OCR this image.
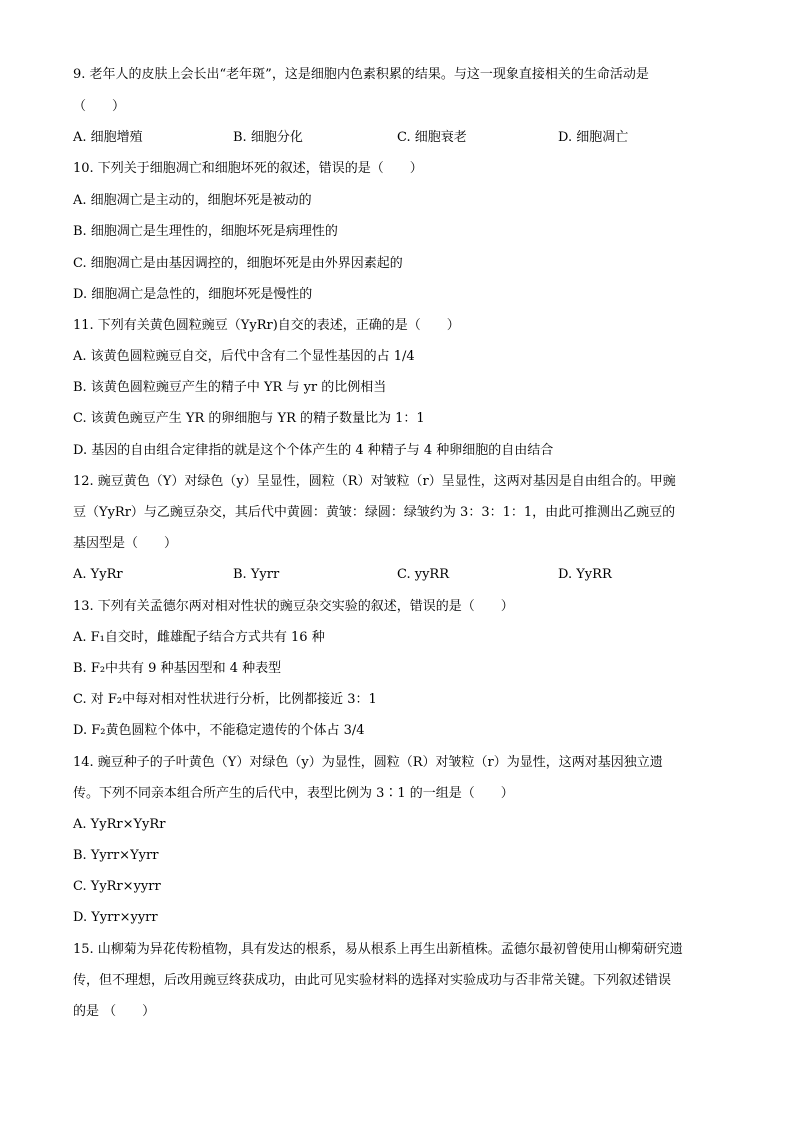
9. 老年人的皮肤上会长出“老年斑”，这是细胞内色素积累的结果。与这一现象直接相关的生命活动是
（　　）
A. 细胞增殖	B. 细胞分化	C. 细胞衰老	D. 细胞凋亡
10. 下列关于细胞凋亡和细胞坏死的叙述，错误的是（　　）
A. 细胞凋亡是主动的，细胞坏死是被动的
B. 细胞凋亡是生理性的，细胞坏死是病理性的
C. 细胞凋亡是由基因调控的，细胞坏死是由外界因素起的
D. 细胞凋亡是急性的，细胞坏死是慢性的
11. 下列有关黄色圆粒豌豆（YyRr)自交的表述，正确的是（　　）
A. 该黄色圆粒豌豆自交，后代中含有二个显性基因的占 1/4
B. 该黄色圆粒豌豆产生的精子中 YR 与 yr 的比例相当
C. 该黄色豌豆产生 YR 的卵细胞与 YR 的精子数量比为 1：1
D. 基因的自由组合定律指的就是这个个体产生的 4 种精子与 4 种卵细胞的自由结合
12. 豌豆黄色（Y）对绿色（y）呈显性，圆粒（R）对皱粒（r）呈显性，这两对基因是自由组合的。甲豌
豆（YyRr）与乙豌豆杂交，其后代中黄圆：黄皱：绿圆：绿皱约为 3：3：1：1，由此可推测出乙豌豆的
基因型是（　　）
A. YyRr	B. Yyrr	C. yyRR	D. YyRR
13. 下列有关孟德尔两对相对性状的豌豆杂交实验的叙述，错误的是（　　）
A. F₁自交时，雌雄配子结合方式共有 16 种
B. F₂中共有 9 种基因型和 4 种表型
C. 对 F₂中每对相对性状进行分析，比例都接近 3：1
D. F₂黄色圆粒个体中，不能稳定遗传的个体占 3/4
14. 豌豆种子的子叶黄色（Y）对绿色（y）为显性，圆粒（R）对皱粒（r）为显性，这两对基因独立遗
传。下列不同亲本组合所产生的后代中，表型比例为 3∶1 的一组是（　　）
A. YyRr×YyRr
B. Yyrr×Yyrr
C. YyRr×yyrr
D. Yyrr×yyrr
15. 山柳菊为异花传粉植物，具有发达的根系，易从根系上再生出新植株。孟德尔最初曾使用山柳菊研究遗
传，但不理想，后改用豌豆终获成功，由此可见实验材料的选择对实验成功与否非常关键。下列叙述错误
的是 （　　）
